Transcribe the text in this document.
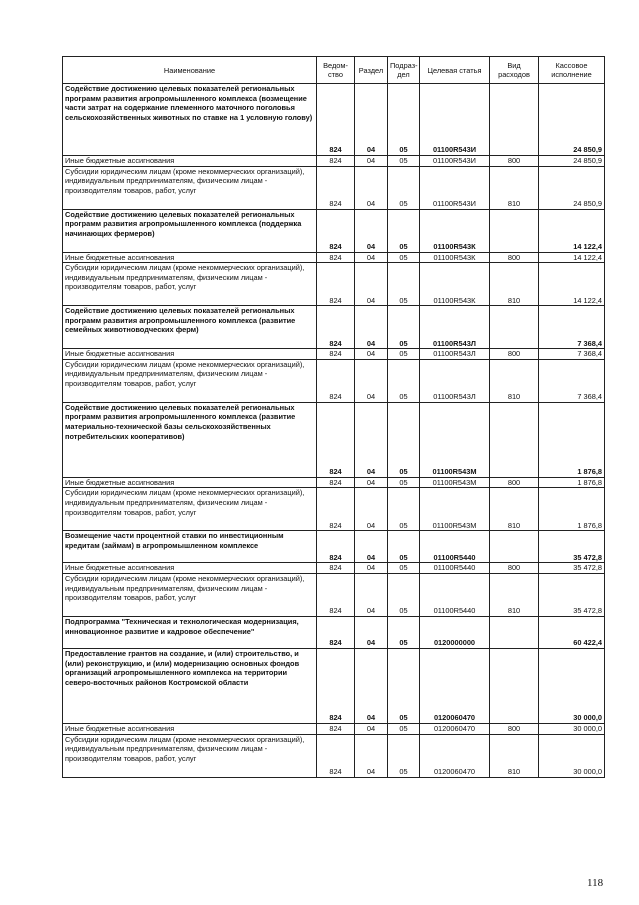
Наименование	Ведом-ство	Раздел	Подраз-дел	Целевая статья	Вид расходов	Кассовое исполнение
Содействие достижению целевых показателей региональных программ развития агропромышленного комплекса (возмещение части затрат на содержание племенного маточного поголовья сельскохозяйственных животных по ставке на 1 условную голову)	824	04	05	01100R543И		24 850,9
Иные бюджетные ассигнования	824	04	05	01100R543И	800	24 850,9
Субсидии юридическим лицам (кроме некоммерческих организаций), индивидуальным предпринимателям, физическим лицам - производителям товаров, работ, услуг	824	04	05	01100R543И	810	24 850,9
Содействие достижению целевых показателей региональных программ развития агропромышленного комплекса (поддержка начинающих фермеров)	824	04	05	01100R543К		14 122,4
Иные бюджетные ассигнования	824	04	05	01100R543К	800	14 122,4
Субсидии юридическим лицам (кроме некоммерческих организаций), индивидуальным предпринимателям, физическим лицам - производителям товаров, работ, услуг	824	04	05	01100R543К	810	14 122,4
Содействие достижению целевых показателей региональных программ развития агропромышленного комплекса (развитие семейных животноводческих ферм)	824	04	05	01100R543Л		7 368,4
Иные бюджетные ассигнования	824	04	05	01100R543Л	800	7 368,4
Субсидии юридическим лицам (кроме некоммерческих организаций), индивидуальным предпринимателям, физическим лицам - производителям товаров, работ, услуг	824	04	05	01100R543Л	810	7 368,4
Содействие достижению целевых показателей региональных программ развития агропромышленного комплекса (развитие материально-технической базы сельскохозяйственных потребительских кооперативов)	824	04	05	01100R543М		1 876,8
Иные бюджетные ассигнования	824	04	05	01100R543М	800	1 876,8
Субсидии юридическим лицам (кроме некоммерческих организаций), индивидуальным предпринимателям, физическим лицам - производителям товаров, работ, услуг	824	04	05	01100R543М	810	1 876,8
Возмещение части процентной ставки по инвестиционным кредитам (займам) в агропромышленном комплексе	824	04	05	01100R5440		35 472,8
Иные бюджетные ассигнования	824	04	05	01100R5440	800	35 472,8
Субсидии юридическим лицам (кроме некоммерческих организаций), индивидуальным предпринимателям, физическим лицам - производителям товаров, работ, услуг	824	04	05	01100R5440	810	35 472,8
Подпрограмма "Техническая и технологическая модернизация, инновационное развитие и кадровое обеспечение"	824	04	05	0120000000		60 422,4
Предоставление грантов на создание, и (или) строительство, и (или) реконструкцию, и (или) модернизацию основных фондов организаций агропромышленного комплекса на территории северо-восточных районов Костромской области	824	04	05	0120060470		30 000,0
Иные бюджетные ассигнования	824	04	05	0120060470	800	30 000,0
Субсидии юридическим лицам (кроме некоммерческих организаций), индивидуальным предпринимателям, физическим лицам - производителям товаров, работ, услуг	824	04	05	0120060470	810	30 000,0
118
